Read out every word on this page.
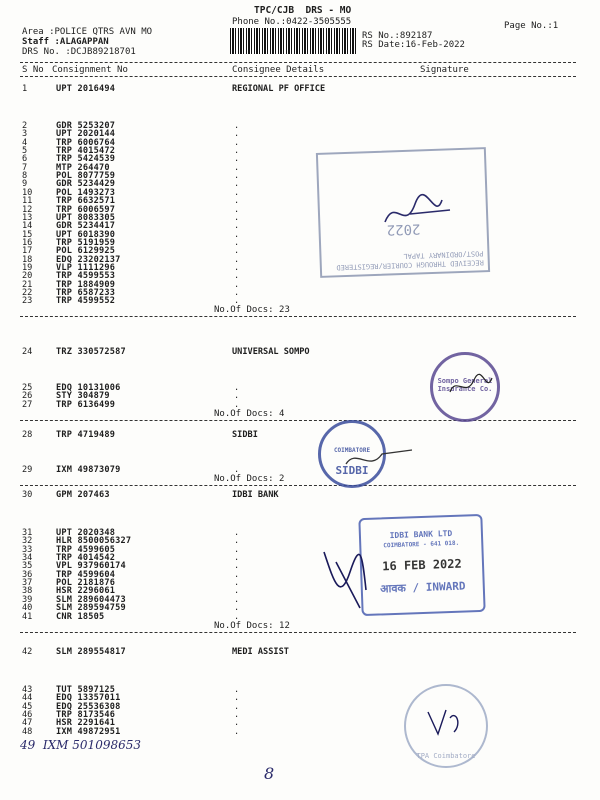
TPC/CJB  DRS - MO
Phone No.:0422-3505555	Page No.:1
Area :POLICE QTRS AVN MO
Staff :ALAGAPPAN
DRS No. :DCJB89218701
RS No.:892187
RS Date:16-Feb-2022
S No Consignment No	Consignee Details	Signature
1	UPT 2016494	REGIONAL PF OFFICE
2	GDR 5253207	.
3	UPT 2020144	.
4	TRP 6006764	.
5	TRP 4015472	.
6	TRP 5424539	.
7	MTP 264470	.
8	POL 8077759	.
9	GDR 5234429	.
10	POL 1493273	.
11	TRP 6632571	.
12	TRP 6006597	.
13	UPT 8083305	.
14	GDR 5234417	.
15	UPT 6018390	.
16	TRP 5191959	.
17	POL 6129925	.
18	EDQ 23202137	.
19	VLP 1111296	.
20	TRP 4599553	.
21	TRP 1884909	.
22	TRP 6587233	.
23	TRP 4599552	.
No.Of Docs: 23
24	TRZ 330572587	UNIVERSAL SOMPO
25	EDQ 10131006	.
26	STY 304879	.
27	TRP 6136499	.
No.Of Docs: 4
28	TRP 4719489	SIDBI
29	IXM 49873079	.
No.Of Docs: 2
30	GPM 207463	IDBI BANK
31	UPT 2020348	.
32	HLR 8500056327	.
33	TRP 4599605	.
34	TRP 4014542	.
35	VPL 937960174	.
36	TRP 4599604	.
37	POL 2181876	.
38	HSR 2296061	.
39	SLM 289604473	.
40	SLM 289594759	.
41	CNR 18505	.
No.Of Docs: 12
42	SLM 289554817	MEDI ASSIST
43	TUT 5897125	.
44	EDQ 13357011	.
45	EDQ 25536308	.
46	TRP 8173546	.
47	HSR 2291641	.
48	IXM 49872951	.
49  IXM 501098653
8
RECEIVED THROUGH COURIER/REGISTERED POST/ORDINARY TAPAL
2022
Sompo General Insurance Co.
COIMBATORE
SIDBI
IDBI BANK LTD
COIMBATORE - 641 018.
16 FEB 2022
आवक / INWARD
TPA Coimbatore
